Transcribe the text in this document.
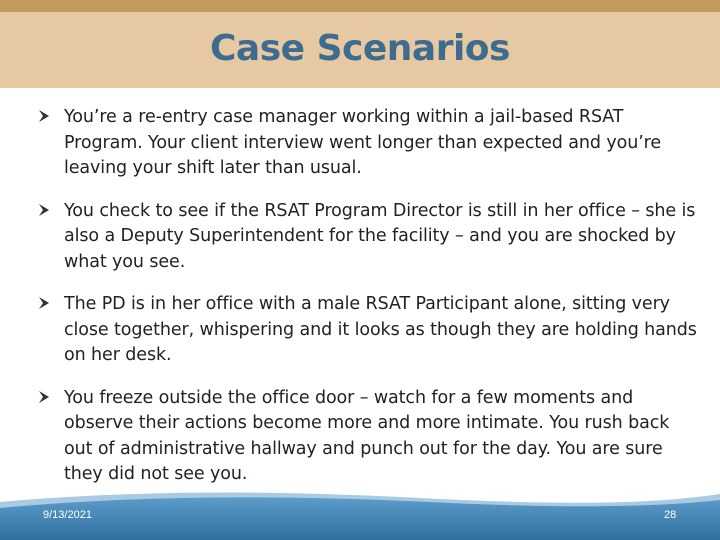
Case Scenarios
You’re a re-entry case manager working within a jail-based RSAT Program. Your client interview went longer than expected and you’re leaving your shift later than usual.
You check to see if the RSAT Program Director is still in her office – she is also a Deputy Superintendent for the facility – and you are shocked by what you see.
The PD is in her office with a male RSAT Participant alone, sitting very close together, whispering and it looks as though they are holding hands on her desk.
You freeze outside the office door – watch for a few moments and observe their actions become more and more intimate. You rush back out of administrative hallway and punch out for the day. You are sure they did not see you.
9/13/2021	28
